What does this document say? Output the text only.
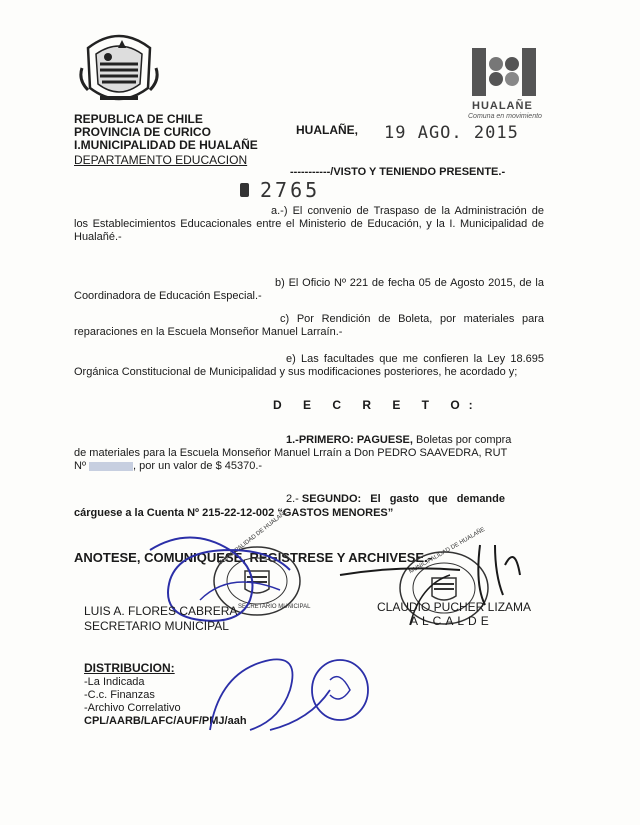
HUALAÑE
Comuna en movimiento
REPUBLICA DE CHILE
PROVINCIA DE CURICO
I.MUNICIPALIDAD DE HUALAÑE
DEPARTAMENTO EDUCACION
HUALAÑE, 19 AGO. 2015
-----------/VISTO Y TENIENDO PRESENTE.-
2765
a.-) El convenio de Traspaso de la Administración de los Establecimientos Educacionales entre el Ministerio de Educación, y la I. Municipalidad de Hualañé.-
b) El Oficio Nº 221 de fecha 05 de Agosto 2015, de la Coordinadora de Educación Especial.-
c) Por Rendición de Boleta, por materiales para reparaciones en la Escuela Monseñor Manuel Larraín.-
e) Las facultades que me confieren la Ley 18.695 Orgánica Constitucional de Municipalidad y sus modificaciones posteriores, he acordado y;
D E C R E T O:
1.-PRIMERO: PAGUESE, Boletas por compra
de materiales para la Escuela Monseñor Manuel Lrraín a Don PEDRO SAAVEDRA, RUT
Nº	, por un valor de $ 45370.-
2.- SEGUNDO: El gasto que demande
cárguese a la Cuenta Nº 215-22-12-002 “GASTOS MENORES”
ANOTESE, COMUNIQUESE, REGISTRESE Y ARCHIVESE.-
MUNICIPALIDAD DE HUALAÑE
SECRETARIO MUNICIPAL
MUNICIPALIDAD DE HUALAÑE
LUIS A. FLORES CABRERA
SECRETARIO MUNICIPAL
CLAUDIO PUCHER LIZAMA
ALCALDE
DISTRIBUCION:
-La Indicada
-C.c. Finanzas
-Archivo Correlativo
CPL/AARB/LAFC/AUF/PMJ/aah
